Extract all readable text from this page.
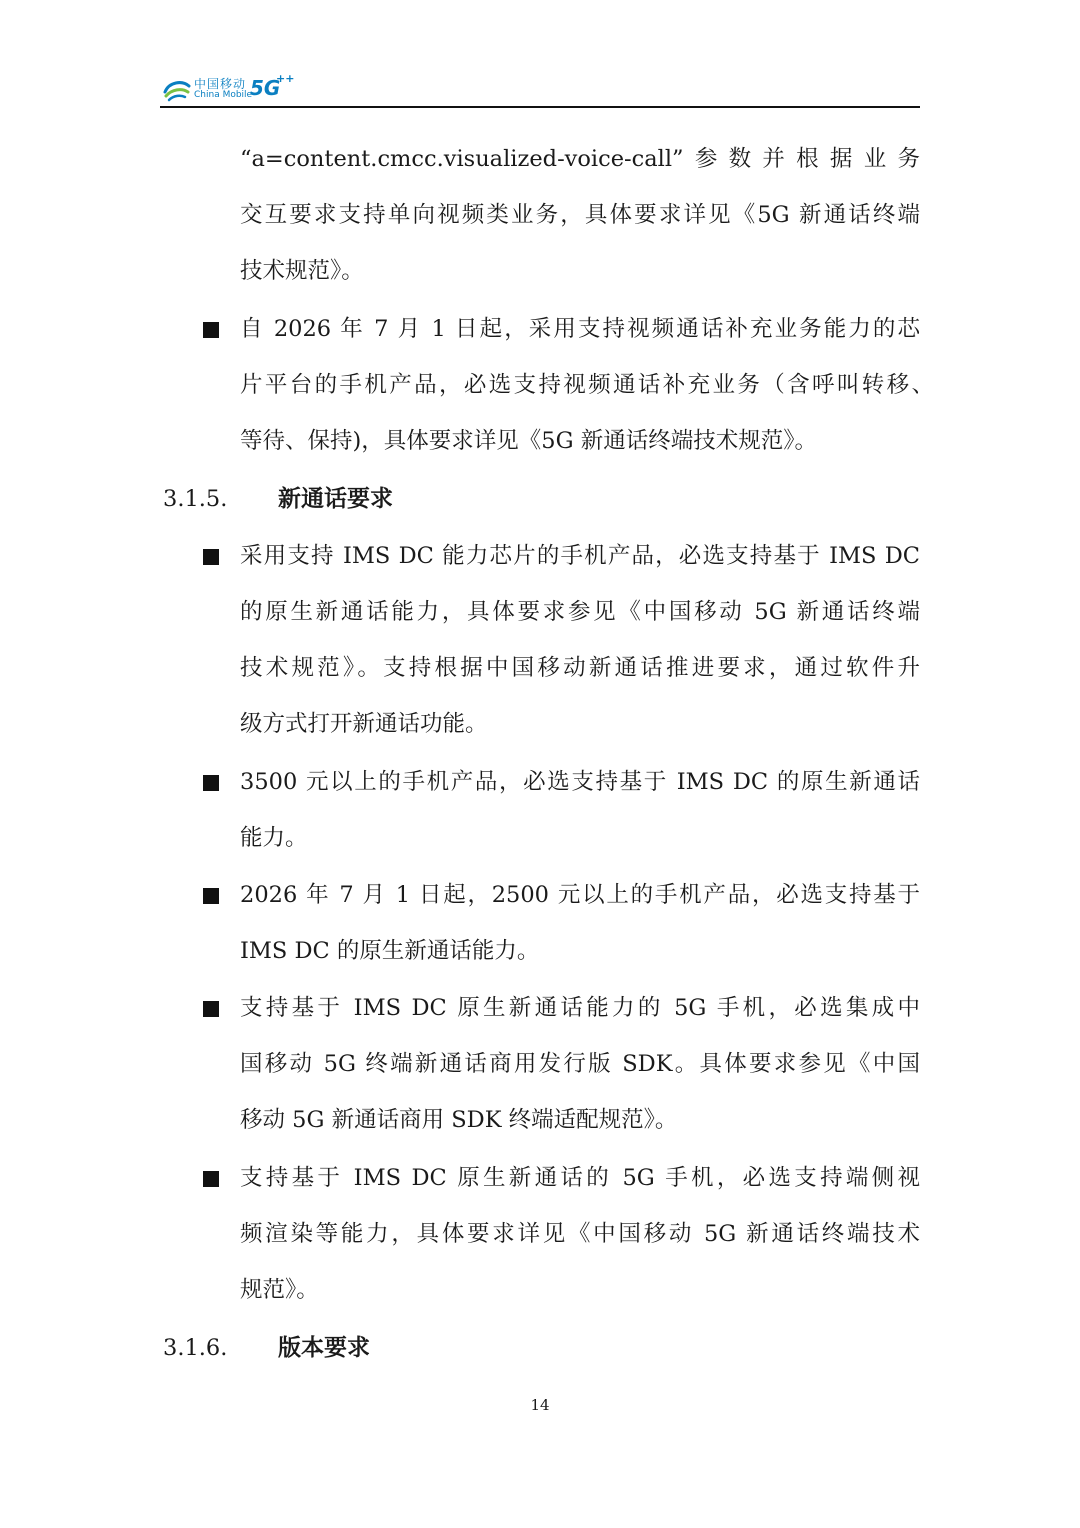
中国移动
China Mobile
5G
++
“a=content.cmcc.visualized-voice-call”参数并根据业务
交互要求支持单向视频类业务，具体要求详见《5G 新通话终端
技术规范》。
自 2026 年 7 月 1 日起，采用支持视频通话补充业务能力的芯
片平台的手机产品，必选支持视频通话补充业务（含呼叫转移、
等待、保持)，具体要求详见《5G 新通话终端技术规范》。
3.1.5. 新通话要求
采用支持 IMS DC 能力芯片的手机产品，必选支持基于 IMS DC
的原生新通话能力，具体要求参见《中国移动 5G 新通话终端
技术规范》。支持根据中国移动新通话推进要求，通过软件升
级方式打开新通话功能。
3500 元以上的手机产品，必选支持基于 IMS DC 的原生新通话
能力。
2026 年 7 月 1 日起，2500 元以上的手机产品，必选支持基于
IMS DC 的原生新通话能力。
支持基于 IMS DC 原生新通话能力的 5G 手机，必选集成中
国移动 5G 终端新通话商用发行版 SDK。具体要求参见《中国
移动 5G 新通话商用 SDK 终端适配规范》。
支持基于 IMS DC 原生新通话的 5G 手机，必选支持端侧视
频渲染等能力，具体要求详见《中国移动 5G 新通话终端技术
规范》。
3.1.6. 版本要求
14
